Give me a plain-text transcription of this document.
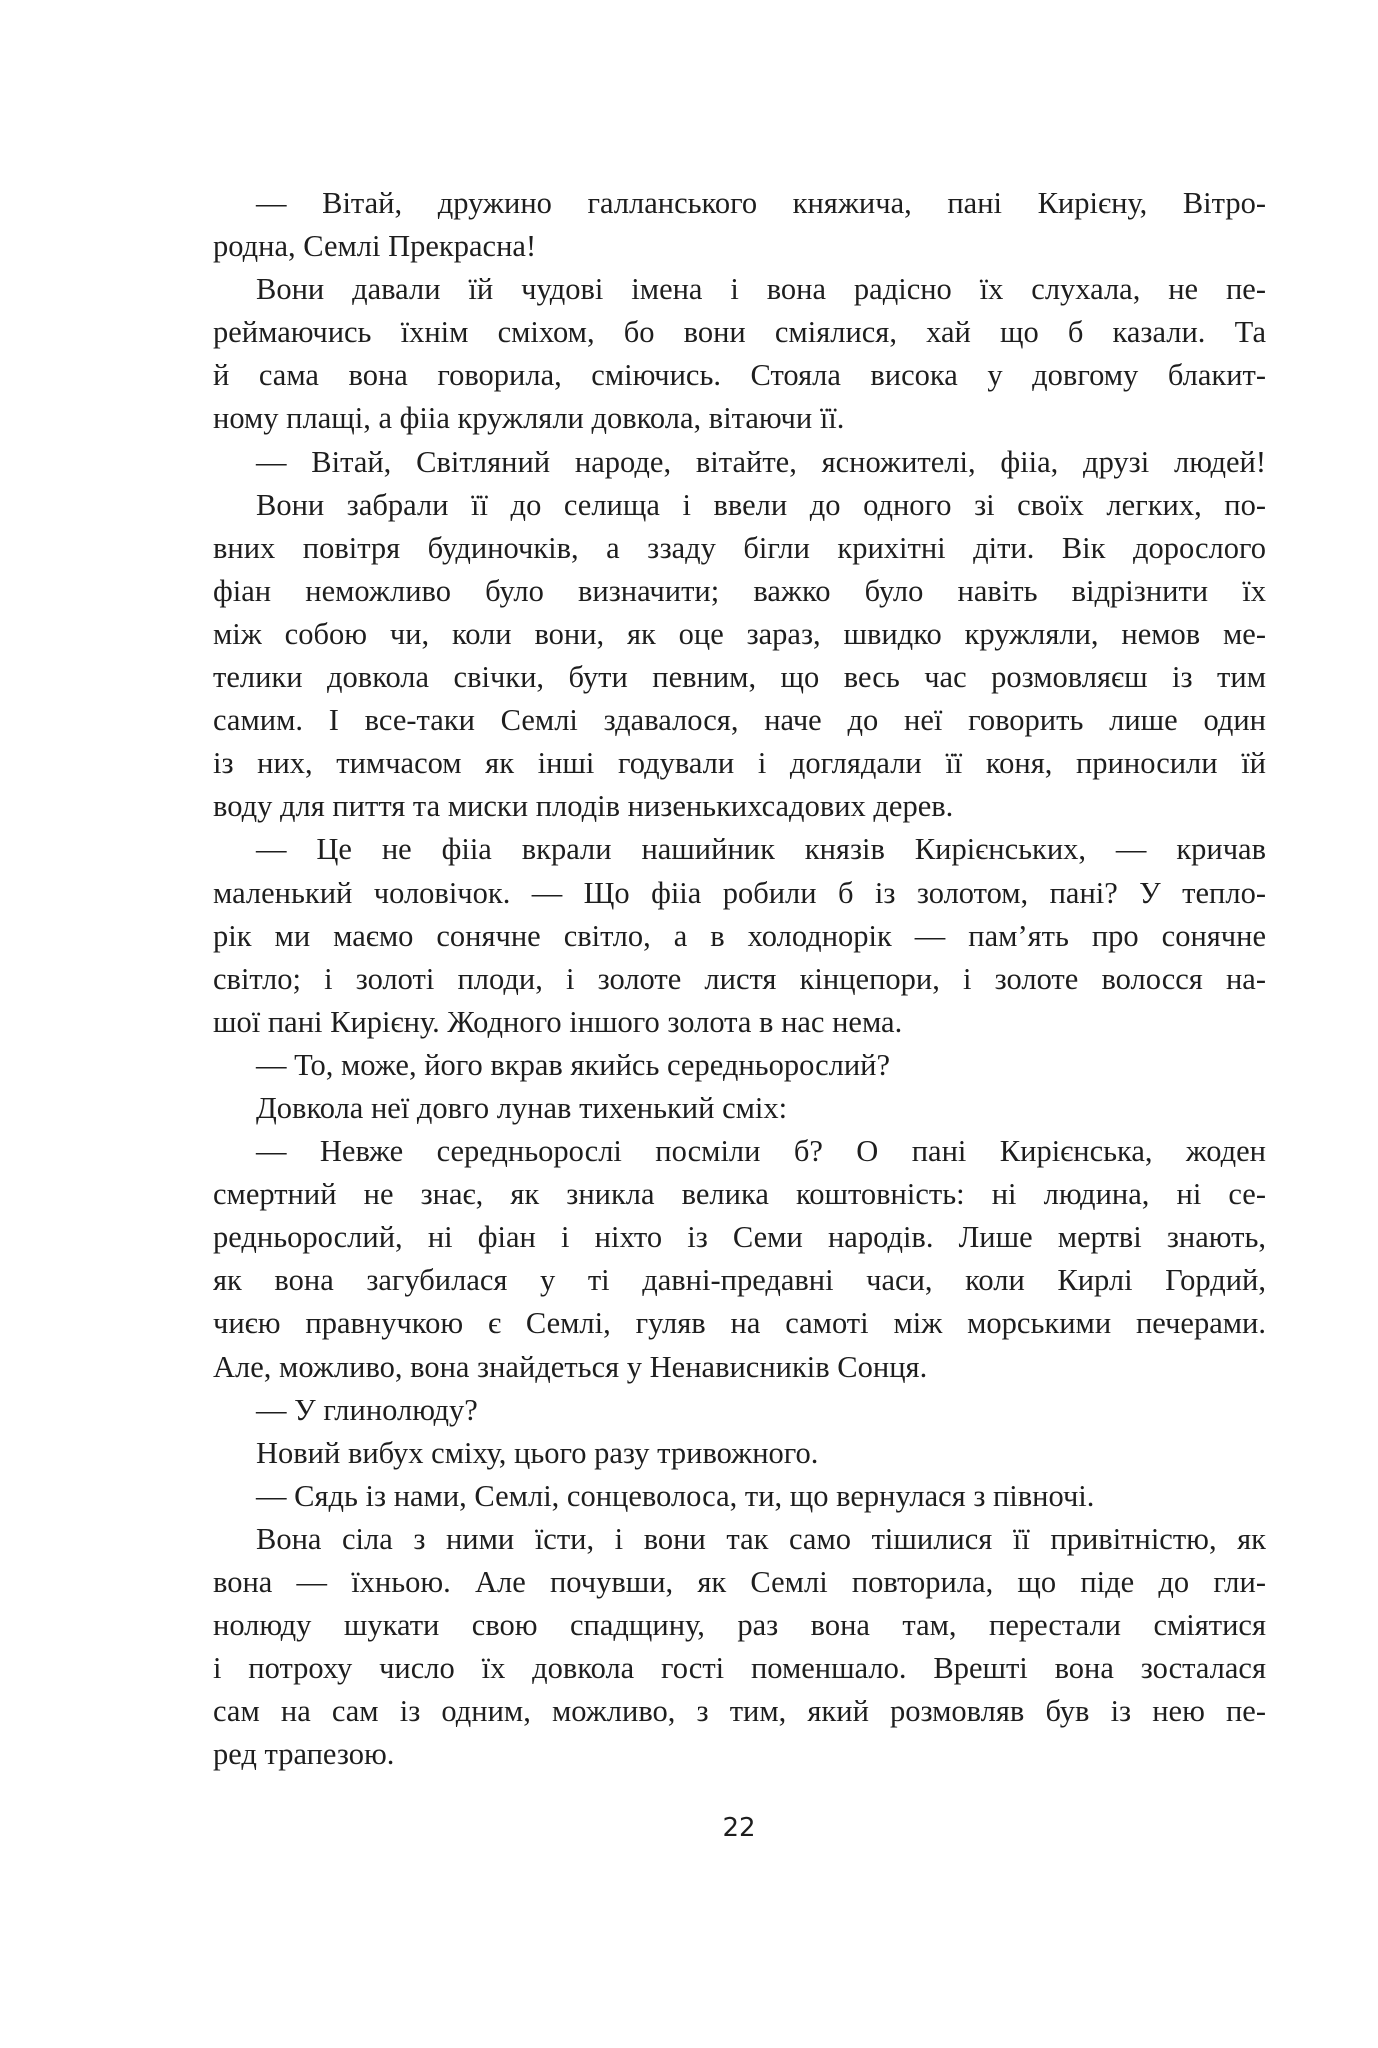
— Вітай, дружино галланського княжича, пані Кирієну, Вітро-
родна, Семлі Прекрасна!
Вони давали їй чудові імена і вона радісно їх слухала, не пе-
реймаючись їхнім сміхом, бо вони сміялися, хай що б казали. Та
й сама вона говорила, сміючись. Стояла висока у довгому блакит-
ному плащі, а фііа кружляли довкола, вітаючи її.
— Вітай, Світляний народе, вітайте, ясножителі, фііа, друзі людей!
Вони забрали її до селища і ввели до одного зі своїх легких, по-
вних повітря будиночків, а ззаду бігли крихітні діти. Вік дорослого
фіан неможливо було визначити; важко було навіть відрізнити їх
між собою чи, коли вони, як оце зараз, швидко кружляли, немов ме-
телики довкола свічки, бути певним, що весь час розмовляєш із тим
самим. І все-таки Семлі здавалося, наче до неї говорить лише один
із них, тимчасом як інші годували і доглядали її коня, приносили їй
воду для пиття та миски плодів низенькихсадових дерев.
— Це не фііа вкрали нашийник князів Кирієнських, — кричав
маленький чоловічок. — Що фііа робили б із золотом, пані? У тепло-
рік ми маємо сонячне світло, а в холоднорік — пам’ять про сонячне
світло; і золоті плоди, і золоте листя кінцепори, і золоте волосся на-
шої пані Кирієну. Жодного іншого золота в нас нема.
— То, може, його вкрав якийсь середньорослий?
Довкола неї довго лунав тихенький сміх:
— Невже середньорослі посміли б? О пані Кирієнська, жоден
смертний не знає, як зникла велика коштовність: ні людина, ні се-
редньорослий, ні фіан і ніхто із Семи народів. Лише мертві знають,
як вона загубилася у ті давні-предавні часи, коли Кирлі Гордий,
чиєю правнучкою є Семлі, гуляв на самоті між морськими печерами.
Але, можливо, вона знайдеться у Ненависників Сонця.
— У глинолюду?
Новий вибух сміху, цього разу тривожного.
— Сядь із нами, Семлі, сонцеволоса, ти, що вернулася з півночі.
Вона сіла з ними їсти, і вони так само тішилися її привітністю, як
вона — їхньою. Але почувши, як Семлі повторила, що піде до гли-
нолюду шукати свою спадщину, раз вона там, перестали сміятися
і потроху число їх довкола гості поменшало. Врешті вона зосталася
сам на сам із одним, можливо, з тим, який розмовляв був із нею пе-
ред трапезою.
22
